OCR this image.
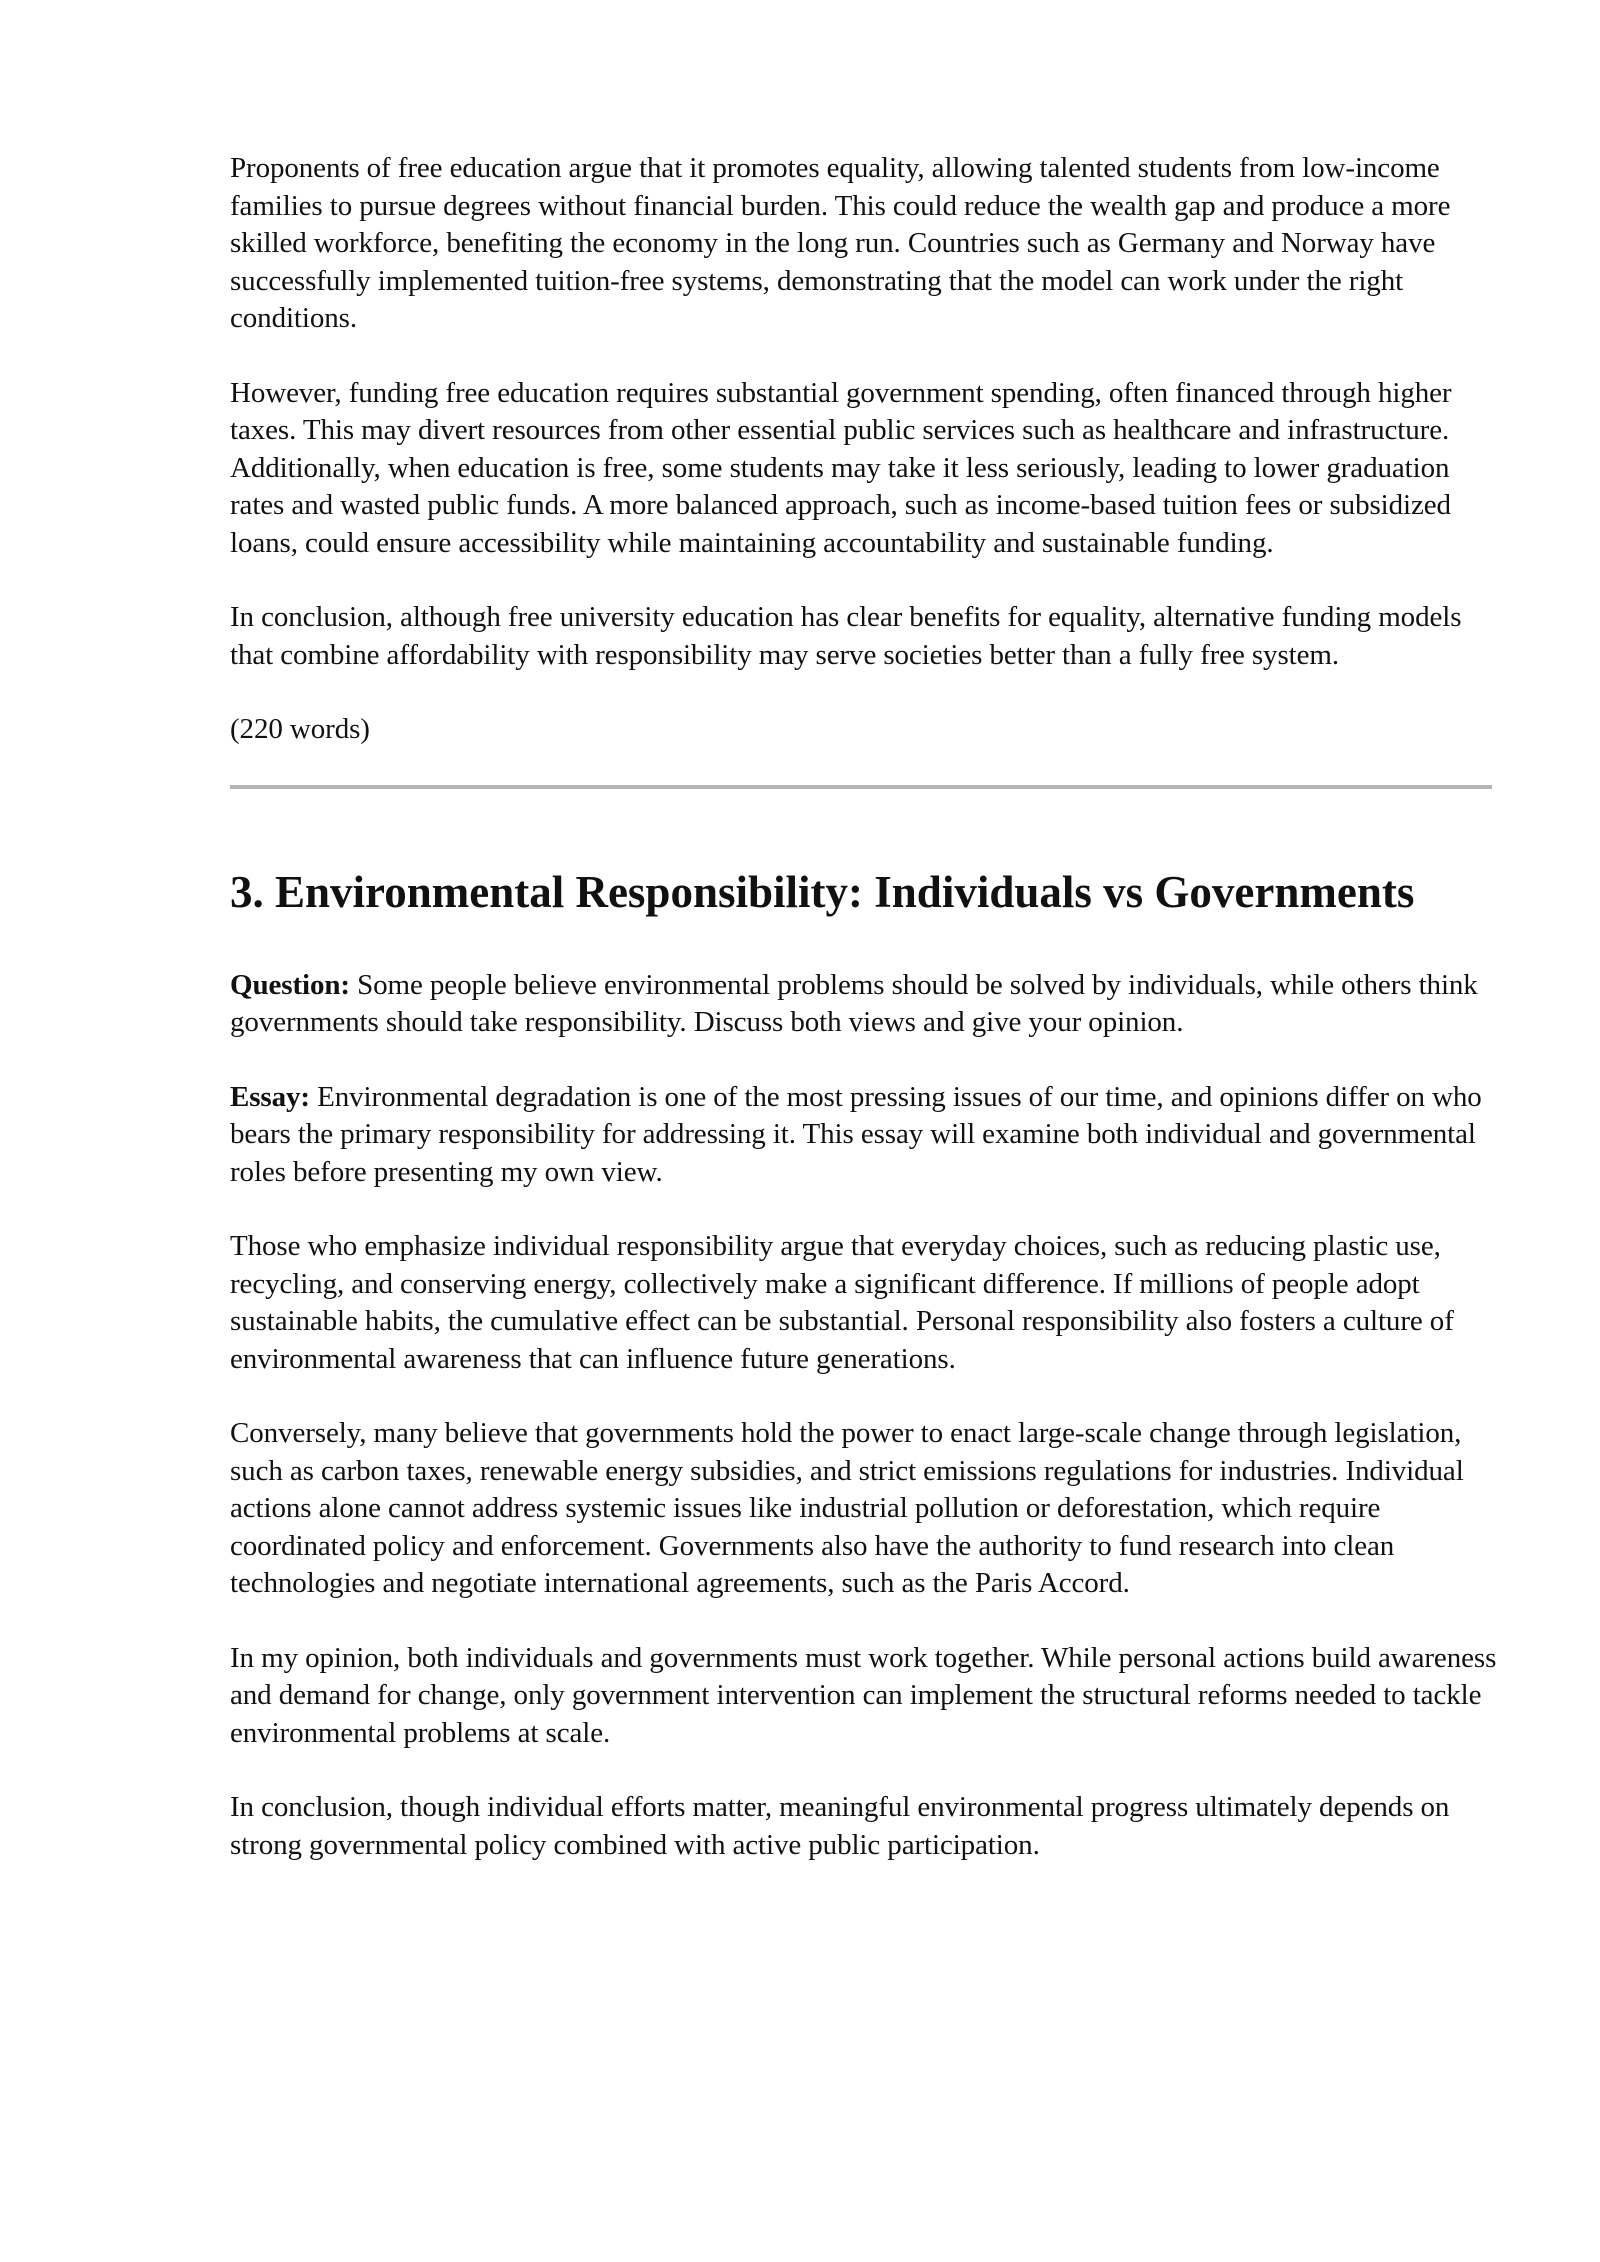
Proponents of free education argue that it promotes equality, allowing talented students from low-income families to pursue degrees without financial burden. This could reduce the wealth gap and produce a more skilled workforce, benefiting the economy in the long run. Countries such as Germany and Norway have successfully implemented tuition-free systems, demonstrating that the model can work under the right conditions.

However, funding free education requires substantial government spending, often financed through higher taxes. This may divert resources from other essential public services such as healthcare and infrastructure. Additionally, when education is free, some students may take it less seriously, leading to lower graduation rates and wasted public funds. A more balanced approach, such as income-based tuition fees or subsidized loans, could ensure accessibility while maintaining accountability and sustainable funding.

In conclusion, although free university education has clear benefits for equality, alternative funding models that combine affordability with responsibility may serve societies better than a fully free system.

(220 words)

3. Environmental Responsibility: Individuals vs Governments

Question: Some people believe environmental problems should be solved by individuals, while others think governments should take responsibility. Discuss both views and give your opinion.

Essay: Environmental degradation is one of the most pressing issues of our time, and opinions differ on who bears the primary responsibility for addressing it. This essay will examine both individual and governmental roles before presenting my own view.

Those who emphasize individual responsibility argue that everyday choices, such as reducing plastic use, recycling, and conserving energy, collectively make a significant difference. If millions of people adopt sustainable habits, the cumulative effect can be substantial. Personal responsibility also fosters a culture of environmental awareness that can influence future generations.

Conversely, many believe that governments hold the power to enact large-scale change through legislation, such as carbon taxes, renewable energy subsidies, and strict emissions regulations for industries. Individual actions alone cannot address systemic issues like industrial pollution or deforestation, which require coordinated policy and enforcement. Governments also have the authority to fund research into clean technologies and negotiate international agreements, such as the Paris Accord.

In my opinion, both individuals and governments must work together. While personal actions build awareness and demand for change, only government intervention can implement the structural reforms needed to tackle environmental problems at scale.

In conclusion, though individual efforts matter, meaningful environmental progress ultimately depends on strong governmental policy combined with active public participation.
